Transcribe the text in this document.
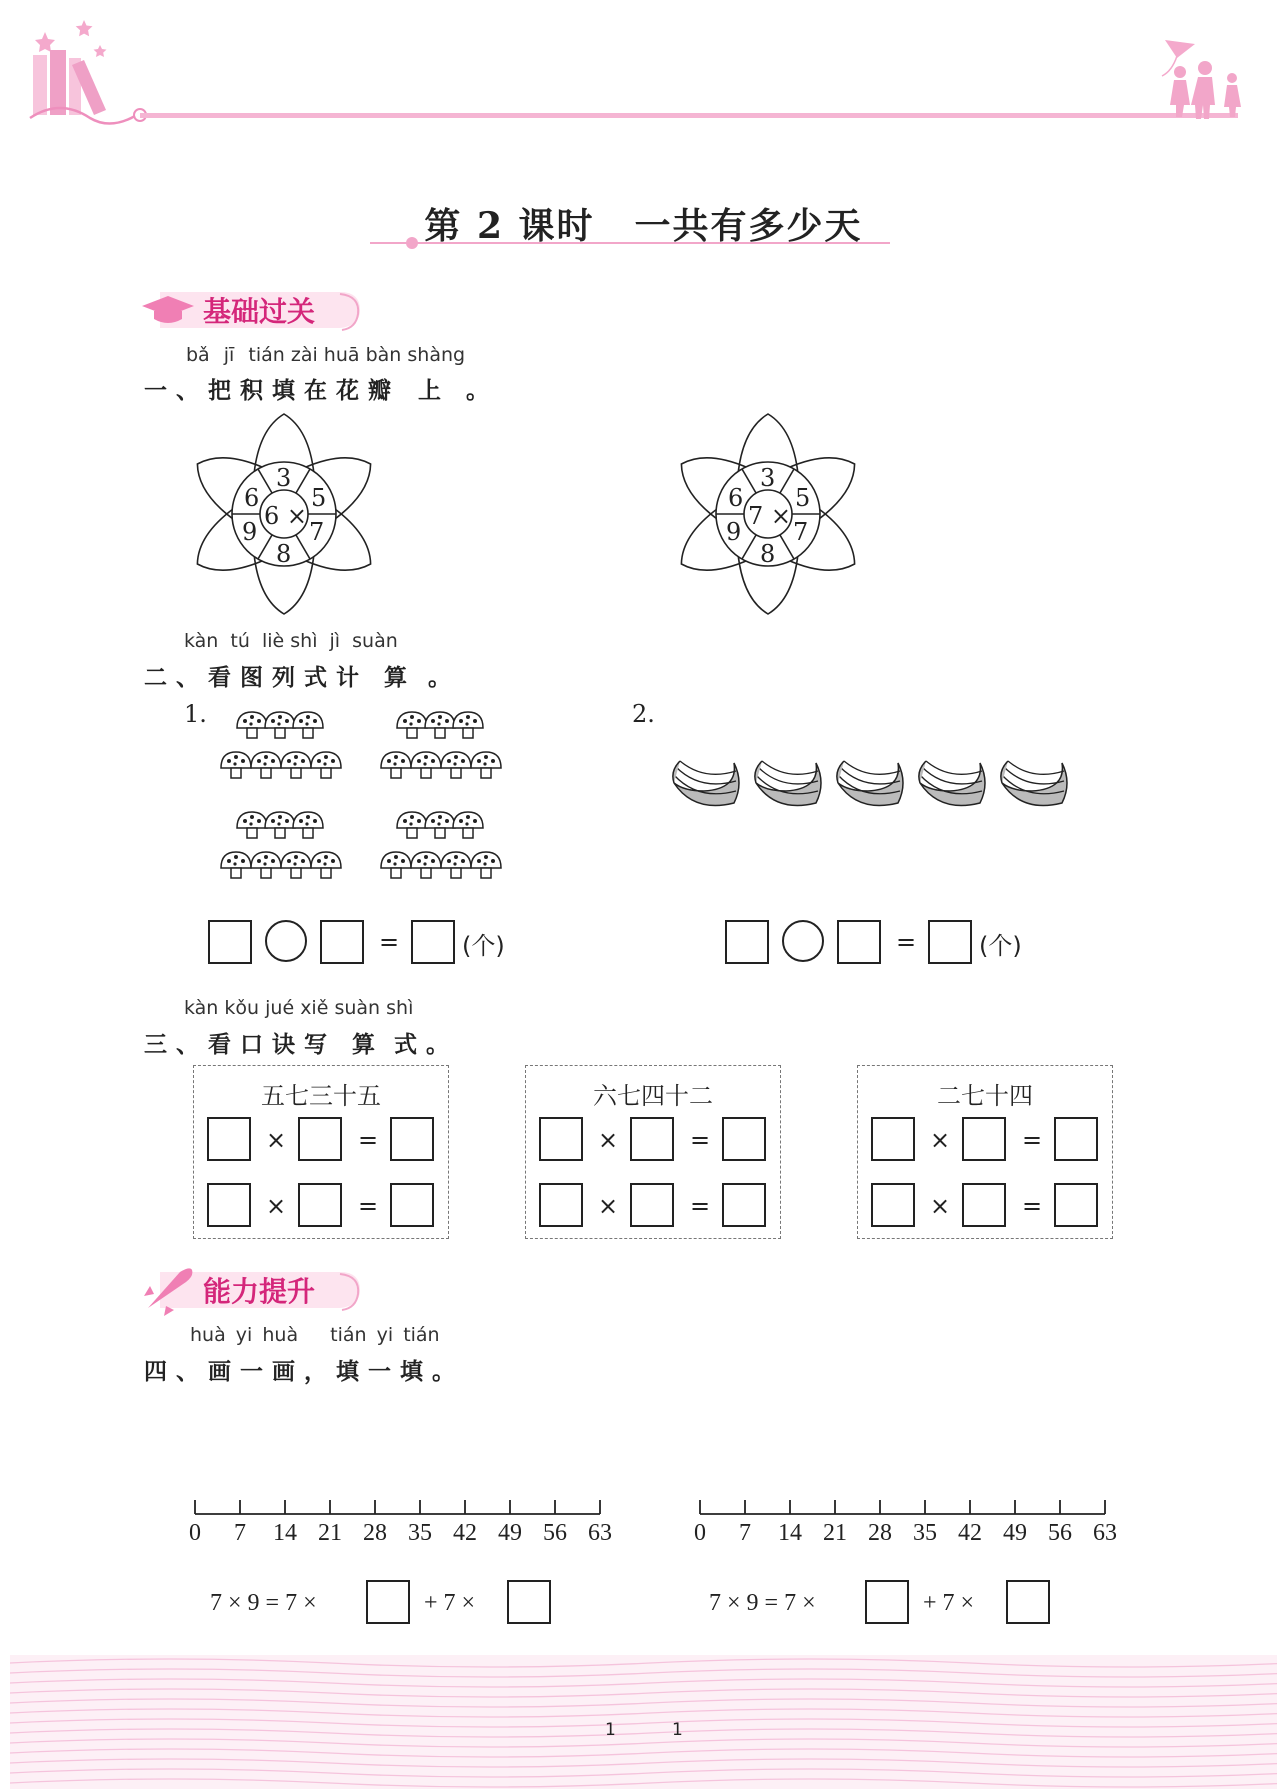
第 2 课时 一共有多少天
基础过关
bǎ jī tián zài huā bàn shàng
一、把积填在花瓣 上 。
3
5
7
8
9
6
6 ×
3
5
7
8
9
6
7 ×
kàn tú liè shì jì suàn
二、看图列式计 算 。
1.	2.
=	(个)	=	(个)
kàn kǒu jué xiě suàn shì
三、看口诀写 算 式。
五七三十五	六七四十二	二七十四
×	=
×	=
×	=
×	=
×	=
×	=
能力提升
huà yi huà tián yi tián
四、画一画，填一填。
0 7	14 21 28 35 42 49 56 63	0 7	14 21 28 35 42 49 56 63
7 × 9 = 7 ×	+ 7 ×	7 × 9 = 7 ×	+ 7 ×
1	1
